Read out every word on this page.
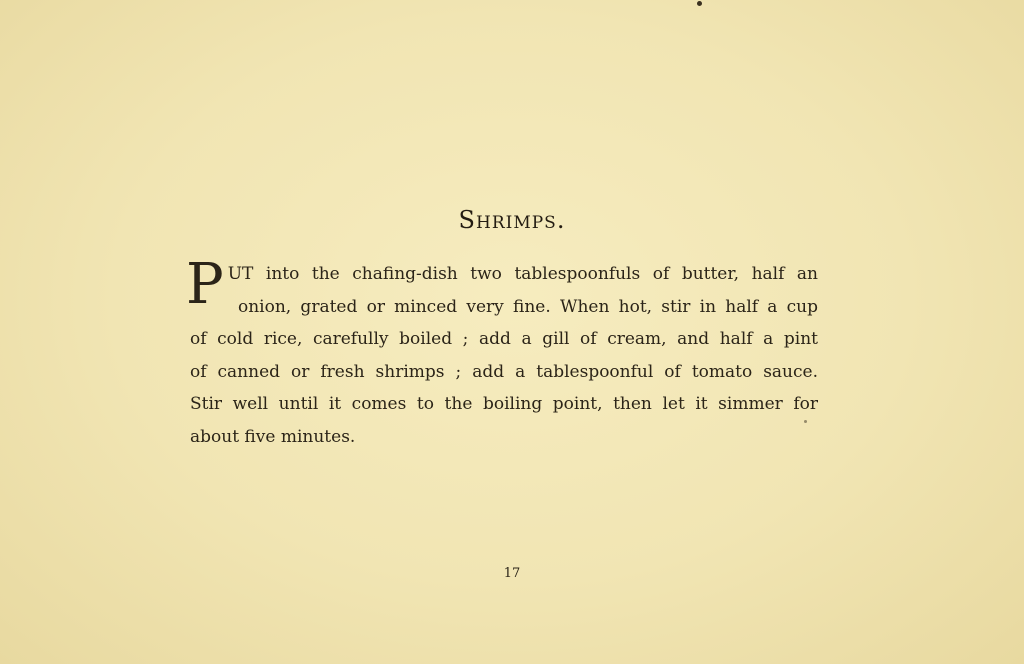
Shrimps.
P UT into the chafing-dish two tablespoonfuls of butter, half an
onion, grated or minced very fine. When hot, stir in half a cup
of cold rice, carefully boiled ; add a gill of cream, and half a pint
of canned or fresh shrimps ; add a tablespoonful of tomato sauce.
Stir well until it comes to the boiling point, then let it simmer for
about five minutes.
17
